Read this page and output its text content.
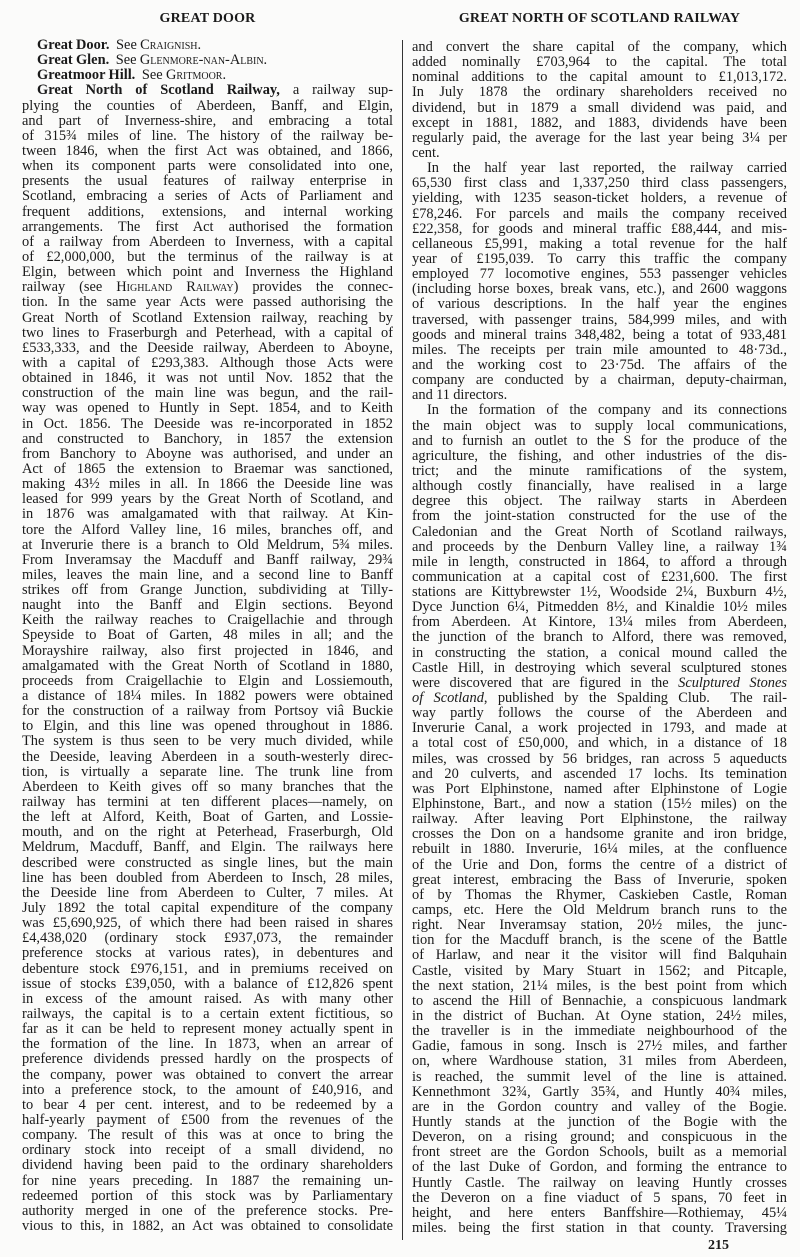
GREAT DOOR	GREAT NORTH OF SCOTLAND RAILWAY
Great Door.  See Craignish.
Great Glen.  See Glenmore-nan-Albin.
Greatmoor Hill.  See Gritmoor.
Great North of Scotland Railway, a railway sup-
plying the counties of Aberdeen, Banff, and Elgin,
and part of Inverness-shire, and embracing a total
of 315¾ miles of line. The history of the railway be-
tween 1846, when the first Act was obtained, and 1866,
when its component parts were consolidated into one,
presents the usual features of railway enterprise in
Scotland, embracing a series of Acts of Parliament and
frequent additions, extensions, and internal working
arrangements. The first Act authorised the formation
of a railway from Aberdeen to Inverness, with a capital
of £2,000,000, but the terminus of the railway is at
Elgin, between which point and Inverness the Highland
railway (see Highland Railway) provides the connec-
tion. In the same year Acts were passed authorising the
Great North of Scotland Extension railway, reaching by
two lines to Fraserburgh and Peterhead, with a capital of
£533,333, and the Deeside railway, Aberdeen to Aboyne,
with a capital of £293,383. Although those Acts were
obtained in 1846, it was not until Nov. 1852 that the
construction of the main line was begun, and the rail-
way was opened to Huntly in Sept. 1854, and to Keith
in Oct. 1856. The Deeside was re-incorporated in 1852
and constructed to Banchory, in 1857 the extension
from Banchory to Aboyne was authorised, and under an
Act of 1865 the extension to Braemar was sanctioned,
making 43½ miles in all. In 1866 the Deeside line was
leased for 999 years by the Great North of Scotland, and
in 1876 was amalgamated with that railway. At Kin-
tore the Alford Valley line, 16 miles, branches off, and
at Inverurie there is a branch to Old Meldrum, 5¾ miles.
From Inveramsay the Macduff and Banff railway, 29¾
miles, leaves the main line, and a second line to Banff
strikes off from Grange Junction, subdividing at Tilly-
naught into the Banff and Elgin sections. Beyond
Keith the railway reaches to Craigellachie and through
Speyside to Boat of Garten, 48 miles in all; and the
Morayshire railway, also first projected in 1846, and
amalgamated with the Great North of Scotland in 1880,
proceeds from Craigellachie to Elgin and Lossiemouth,
a distance of 18¼ miles. In 1882 powers were obtained
for the construction of a railway from Portsoy viâ Buckie
to Elgin, and this line was opened throughout in 1886.
The system is thus seen to be very much divided, while
the Deeside, leaving Aberdeen in a south-westerly direc-
tion, is virtually a separate line. The trunk line from
Aberdeen to Keith gives off so many branches that the
railway has termini at ten different places—namely, on
the left at Alford, Keith, Boat of Garten, and Lossie-
mouth, and on the right at Peterhead, Fraserburgh, Old
Meldrum, Macduff, Banff, and Elgin. The railways here
described were constructed as single lines, but the main
line has been doubled from Aberdeen to Insch, 28 miles,
the Deeside line from Aberdeen to Culter, 7 miles. At
July 1892 the total capital expenditure of the company
was £5,690,925, of which there had been raised in shares
£4,438,020 (ordinary stock £937,073, the remainder
preference stocks at various rates), in debentures and
debenture stock £976,151, and in premiums received on
issue of stocks £39,050, with a balance of £12,826 spent
in excess of the amount raised. As with many other
railways, the capital is to a certain extent fictitious, so
far as it can be held to represent money actually spent in
the formation of the line. In 1873, when an arrear of
preference dividends pressed hardly on the prospects of
the company, power was obtained to convert the arrear
into a preference stock, to the amount of £40,916, and
to bear 4 per cent. interest, and to be redeemed by a
half-yearly payment of £500 from the revenues of the
company. The result of this was at once to bring the
ordinary stock into receipt of a small dividend, no
dividend having been paid to the ordinary shareholders
for nine years preceding. In 1887 the remaining un-
redeemed portion of this stock was by Parliamentary
authority merged in one of the preference stocks. Pre-
vious to this, in 1882, an Act was obtained to consolidate
and convert the share capital of the company, which
added nominally £703,964 to the capital. The total
nominal additions to the capital amount to £1,013,172.
In July 1878 the ordinary shareholders received no
dividend, but in 1879 a small dividend was paid, and
except in 1881, 1882, and 1883, dividends have been
regularly paid, the average for the last year being 3¼ per
cent.
In the half year last reported, the railway carried
65,530 first class and 1,337,250 third class passengers,
yielding, with 1235 season-ticket holders, a revenue of
£78,246. For parcels and mails the company received
£22,358, for goods and mineral traffic £88,444, and mis-
cellaneous £5,991, making a total revenue for the half
year of £195,039. To carry this traffic the company
employed 77 locomotive engines, 553 passenger vehicles
(including horse boxes, break vans, etc.), and 2600 waggons
of various descriptions. In the half year the engines
traversed, with passenger trains, 584,999 miles, and with
goods and mineral trains 348,482, being a totat of 933,481
miles. The receipts per train mile amounted to 48·73d.,
and the working cost to 23·75d. The affairs of the
company are conducted by a chairman, deputy-chairman,
and 11 directors.
In the formation of the company and its connections
the main object was to supply local communications,
and to furnish an outlet to the S for the produce of the
agriculture, the fishing, and other industries of the dis-
trict; and the minute ramifications of the system,
although costly financially, have realised in a large
degree this object. The railway starts in Aberdeen
from the joint-station constructed for the use of the
Caledonian and the Great North of Scotland railways,
and proceeds by the Denburn Valley line, a railway 1¾
mile in length, constructed in 1864, to afford a through
communication at a capital cost of £231,600. The first
stations are Kittybrewster 1½, Woodside 2¼, Buxburn 4½,
Dyce Junction 6¼, Pitmedden 8½, and Kinaldie 10½ miles
from Aberdeen. At Kintore, 13¼ miles from Aberdeen,
the junction of the branch to Alford, there was removed,
in constructing the station, a conical mound called the
Castle Hill, in destroying which several sculptured stones
were discovered that are figured in the Sculptured Stones
of Scotland, published by the Spalding Club.  The rail-
way partly follows the course of the Aberdeen and
Inverurie Canal, a work projected in 1793, and made at
a total cost of £50,000, and which, in a distance of 18
miles, was crossed by 56 bridges, ran across 5 aqueducts
and 20 culverts, and ascended 17 lochs. Its temination
was Port Elphinstone, named after Elphinstone of Logie
Elphinstone, Bart., and now a station (15½ miles) on the
railway. After leaving Port Elphinstone, the railway
crosses the Don on a handsome granite and iron bridge,
rebuilt in 1880. Inverurie, 16¼ miles, at the confluence
of the Urie and Don, forms the centre of a district of
great interest, embracing the Bass of Inverurie, spoken
of by Thomas the Rhymer, Caskieben Castle, Roman
camps, etc. Here the Old Meldrum branch runs to the
right. Near Inveramsay station, 20½ miles, the junc-
tion for the Macduff branch, is the scene of the Battle
of Harlaw, and near it the visitor will find Balquhain
Castle, visited by Mary Stuart in 1562; and Pitcaple,
the next station, 21¼ miles, is the best point from which
to ascend the Hill of Bennachie, a conspicuous landmark
in the district of Buchan. At Oyne station, 24½ miles,
the traveller is in the immediate neighbourhood of the
Gadie, famous in song. Insch is 27½ miles, and farther
on, where Wardhouse station, 31 miles from Aberdeen,
is reached, the summit level of the line is attained.
Kennethmont 32¾, Gartly 35¾, and Huntly 40¾ miles,
are in the Gordon country and valley of the Bogie.
Huntly stands at the junction of the Bogie with the
Deveron, on a rising ground; and conspicuous in the
front street are the Gordon Schools, built as a memorial
of the last Duke of Gordon, and forming the entrance to
Huntly Castle. The railway on leaving Huntly crosses
the Deveron on a fine viaduct of 5 spans, 70 feet in
height, and here enters Banffshire—Rothiemay, 45¼
miles. being the first station in that county. Traversing
215
